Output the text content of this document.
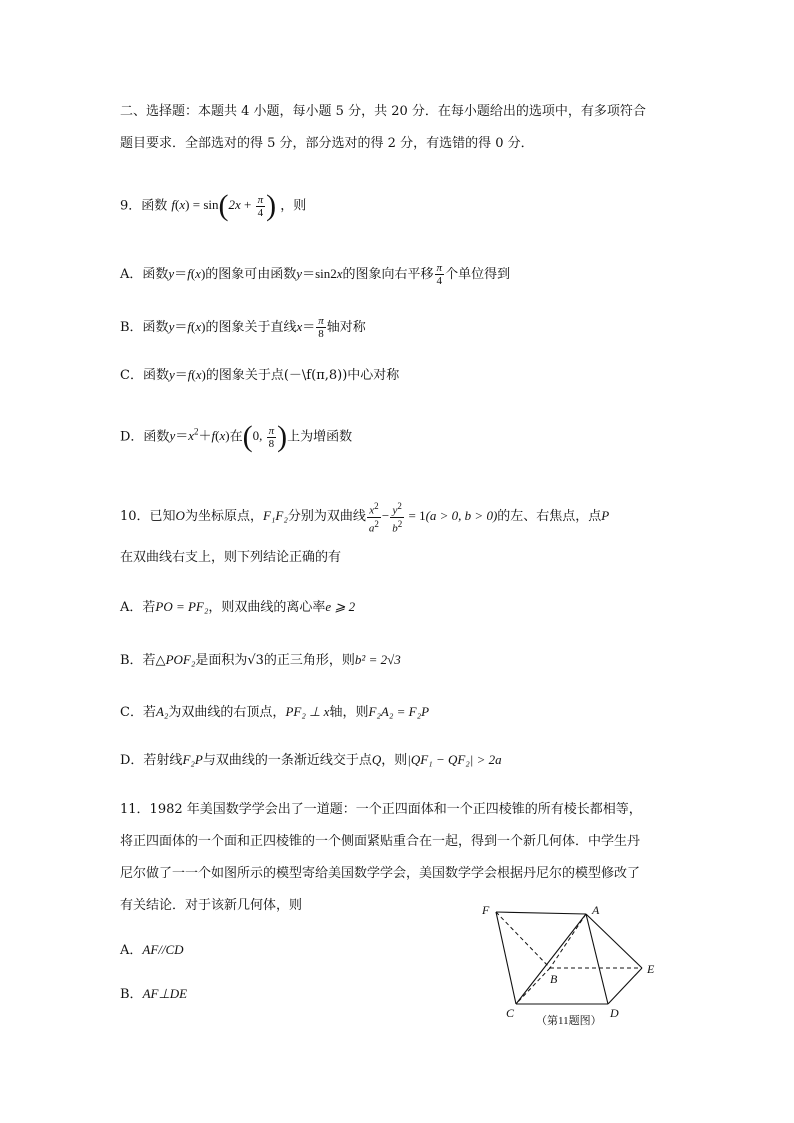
二、选择题：本题共 4 小题，每小题 5 分，共 20 分．在每小题给出的选项中，有多项符合
题目要求．全部选对的得 5 分，部分选对的得 2 分，有选错的得 0 分．
9．函数 $f(x) = \sin(2x + \frac{\pi}{4}$ ) ，则
A．函数y＝f(x)的图象可由函数y＝sin2x的图象向右平移 $\frac{\pi}{4}$ 个单位得到
B．函数y＝f(x)的图象关于直线$x= \frac{\pi}{8}$ 轴对称
C．函数y＝f(x)的图象关于点(－\f(π,8))中心对称
D．函数$y=x^2+f(x)$在(0, $\frac{\pi}{8}$ )上为增函数
10．已知O为坐标原点，F₁F₂分别为双曲线 $\frac{x^2}{a^2} - \frac{y^2}{b^2} = 1(a > 0$, b > 0)的左、右焦点，点P
在双曲线右支上，则下列结论正确的有
A．若PO = PF₂，则双曲线的离心率e ⩾ 2
B．若△POF₂是面积为√3的正三角形，则b² = 2√3
C．若A₂为双曲线的右顶点，PF₂ ⊥ x轴，则F₂A₂ = F₂P
D．若射线F₂P与双曲线的一条渐近线交于点Q，则|QF₁ − QF₂| > 2a
11．1982 年美国数学学会出了一道题：一个正四面体和一个正四棱锥的所有棱长都相等，
将正四面体的一个面和正四棱锥的一个侧面紧贴重合在一起，得到一个新几何体．中学生丹
尼尔做了一一个如图所示的模型寄给美国数学学会，美国数学学会根据丹尼尔的模型修改了
有关结论．对于该新几何体，则
A．AF//CD
B．AF⊥DE
F	A
B
E
C	D
（第11题图）
